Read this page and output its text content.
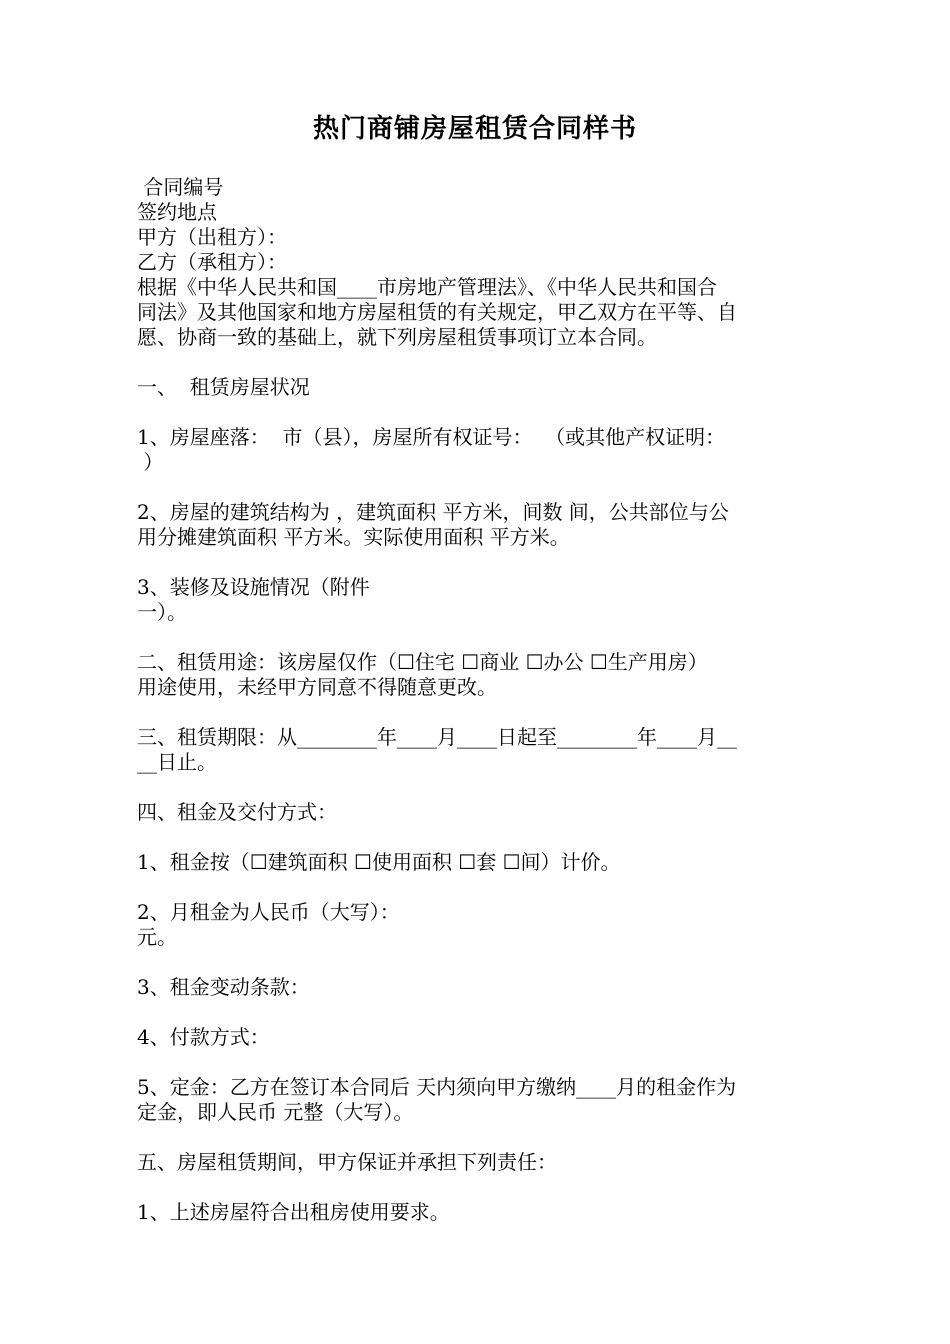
热门商铺房屋租赁合同样书

合同编号

签约地点

甲方（出租方）：

乙方（承租方）：

根据《中华人民共和国____市房地产管理法》、《中华人民共和国合

同法》及其他国家和地方房屋租赁的有关规定，甲乙双方在平等、自

愿、协商一致的基础上，就下列房屋租赁事项订立本合同。

一、  租赁房屋状况

1、房屋座落：  市（县），房屋所有权证号：  （或其他产权证明：

）

2、房屋的建筑结构为 ，建筑面积 平方米，间数 间，公共部位与公

用分摊建筑面积 平方米。实际使用面积 平方米。

3、装修及设施情况（附件

一）。

二、租赁用途：该房屋仅作（☐住宅 ☐商业 ☐办公 ☐生产用房）

用途使用，未经甲方同意不得随意更改。

三、租赁期限：从________年____月____日起至________年____月__

__日止。

四、租金及交付方式：

1、租金按（☐建筑面积 ☐使用面积 ☐套 ☐间）计价。

2、月租金为人民币（大写）：

元。

3、租金变动条款：

4、付款方式：

5、定金：乙方在签订本合同后 天内须向甲方缴纳____月的租金作为

定金，即人民币 元整（大写）。

五、房屋租赁期间，甲方保证并承担下列责任：

1、上述房屋符合出租房使用要求。
